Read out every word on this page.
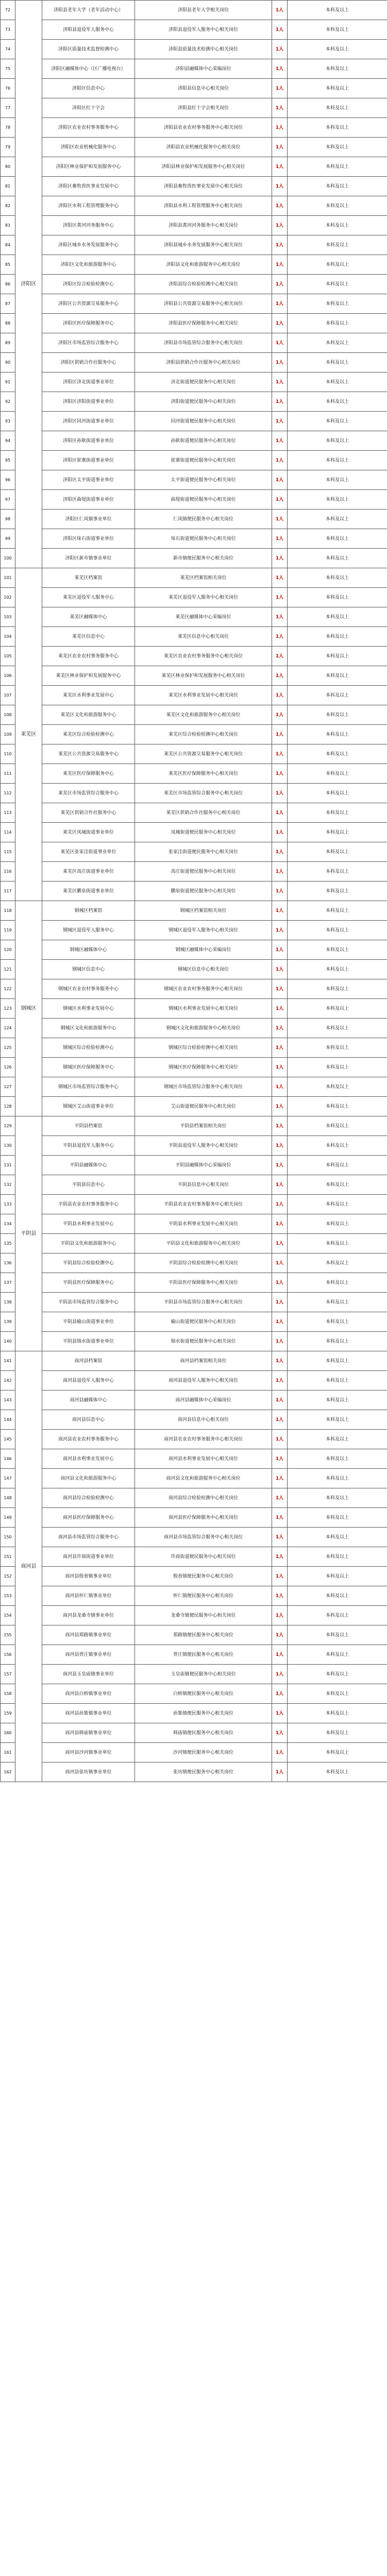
72	济阳区	济阳县老年大学（老年活动中心）	济阳县老年大学相关岗位	1人	本科及以上
73		济阳县退役军人服务中心	济阳县退役军人服务中心相关岗位	1人	本科及以上
74		济阳区质量技术监督检测中心	济阳县质量技术检测中心相关岗位	1人	本科及以上
75		济阳区融媒体中心（区广播电视台）	济阳县融媒体中心采编岗位	1人	本科及以上
76		济阳区信息中心	济阳县信息中心相关岗位	1人	本科及以上
77		济阳区红十字会	济阳县红十字会相关岗位	1人	本科及以上
78		济阳区农业农村事务服务中心	济阳县农业农村事务服务中心相关岗位	1人	本科及以上
79		济阳区农业机械化服务中心	济阳县农业机械化服务中心相关岗位	1人	本科及以上
80		济阳区林业保护和发展服务中心	济阳县林业保护和发展服务中心相关岗位	1人	本科及以上
81		济阳区畜牧兽医事业发展中心	济阳县畜牧兽医事业发展中心相关岗位	1人	本科及以上
82		济阳区水利工程管理服务中心	济阳县水利工程管理服务中心相关岗位	1人	本科及以上
83		济阳区黄河河务服务中心	济阳县黄河河务服务中心相关岗位	1人	本科及以上
84		济阳区城乡水务发展服务中心	济阳县城乡水务发展服务中心相关岗位	1人	本科及以上
85		济阳区文化和旅游服务中心	济阳县文化和旅游服务中心相关岗位	1人	本科及以上
86		济阳区综合检验检测中心	济阳县综合检验检测中心相关岗位	1人	本科及以上
87		济阳区公共资源交易服务中心	济阳县公共资源交易服务中心相关岗位	1人	本科及以上
88		济阳区医疗保障服务中心	济阳县医疗保障服务中心相关岗位	1人	本科及以上
89		济阳区市场监管综合服务中心	济阳县市场监管综合服务中心相关岗位	1人	本科及以上
90		济阳区供销合作社服务中心	济阳县供销合作社服务中心相关岗位	1人	本科及以上
91		济阳区济北街道事业单位	济北街道便民服务中心相关岗位	1人	本科及以上
92		济阳区济阳街道事业单位	济阳街道便民服务中心相关岗位	1人	本科及以上
93		济阳区回河街道事业单位	回河街道便民服务中心相关岗位	1人	本科及以上
94		济阳区孙耿街道事业单位	孙耿街道便民服务中心相关岗位	1人	本科及以上
95		济阳区崔寨街道事业单位	崔寨街道便民服务中心相关岗位	1人	本科及以上
96		济阳区太平街道事业单位	太平街道便民服务中心相关岗位	1人	本科及以上
97		济阳区曲堤街道事业单位	曲堤街道便民服务中心相关岗位	1人	本科及以上
98		济阳区仁风镇事业单位	仁风镇便民服务中心相关岗位	1人	本科及以上
99		济阳区垛石街道事业单位	垛石街道便民服务中心相关岗位	1人	本科及以上
100		济阳区新市镇事业单位	新市镇便民服务中心相关岗位	1人	本科及以上
101	莱芜区	莱芜区档案馆	莱芜区档案馆相关岗位	1人	本科及以上
102		莱芜区退役军人服务中心	莱芜区退役军人服务中心相关岗位	1人	本科及以上
103		莱芜区融媒体中心	莱芜区融媒体中心采编岗位	1人	本科及以上
104		莱芜区信息中心	莱芜区信息中心相关岗位	1人	本科及以上
105		莱芜区农业农村事务服务中心	莱芜区农业农村事务服务中心相关岗位	1人	本科及以上
106		莱芜区林业保护和发展服务中心	莱芜区林业保护和发展服务中心相关岗位	1人	本科及以上
107		莱芜区水利事业发展中心	莱芜区水利事业发展中心相关岗位	1人	本科及以上
108		莱芜区文化和旅游服务中心	莱芜区文化和旅游服务中心相关岗位	1人	本科及以上
109		莱芜区综合检验检测中心	莱芜区综合检验检测中心相关岗位	1人	本科及以上
110		莱芜区公共资源交易服务中心	莱芜区公共资源交易服务中心相关岗位	1人	本科及以上
111		莱芜区医疗保障服务中心	莱芜区医疗保障服务中心相关岗位	1人	本科及以上
112		莱芜区市场监管综合服务中心	莱芜区市场监管综合服务中心相关岗位	1人	本科及以上
113		莱芜区供销合作社服务中心	莱芜区供销合作社服务中心相关岗位	1人	本科及以上
114		莱芜区凤城街道事业单位	凤城街道便民服务中心相关岗位	1人	本科及以上
115		莱芜区张家洼街道事业单位	张家洼街道便民服务中心相关岗位	1人	本科及以上
116		莱芜区高庄街道事业单位	高庄街道便民服务中心相关岗位	1人	本科及以上
117		莱芜区鹏泉街道事业单位	鹏泉街道便民服务中心相关岗位	1人	本科及以上
118	钢城区	钢城区档案馆	钢城区档案馆相关岗位	1人	本科及以上
119		钢城区退役军人服务中心	钢城区退役军人服务中心相关岗位	1人	本科及以上
120		钢城区融媒体中心	钢城区融媒体中心采编岗位	1人	本科及以上
121		钢城区信息中心	钢城区信息中心相关岗位	1人	本科及以上
122		钢城区农业农村事务服务中心	钢城区农业农村事务服务中心相关岗位	1人	本科及以上
123		钢城区水利事业发展中心	钢城区水利事业发展中心相关岗位	1人	本科及以上
124		钢城区文化和旅游服务中心	钢城区文化和旅游服务中心相关岗位	1人	本科及以上
125		钢城区综合检验检测中心	钢城区综合检验检测中心相关岗位	1人	本科及以上
126		钢城区医疗保障服务中心	钢城区医疗保障服务中心相关岗位	1人	本科及以上
127		钢城区市场监管综合服务中心	钢城区市场监管综合服务中心相关岗位	1人	本科及以上
128		钢城区艾山街道事业单位	艾山街道便民服务中心相关岗位	1人	本科及以上
129	平阴县	平阴县档案馆	平阴县档案馆相关岗位	1人	本科及以上
130		平阴县退役军人服务中心	平阴县退役军人服务中心相关岗位	1人	本科及以上
131		平阴县融媒体中心	平阴县融媒体中心采编岗位	1人	本科及以上
132		平阴县信息中心	平阴县信息中心相关岗位	1人	本科及以上
133		平阴县农业农村事务服务中心	平阴县农业农村事务服务中心相关岗位	1人	本科及以上
134		平阴县水利事业发展中心	平阴县水利事业发展中心相关岗位	1人	本科及以上
135		平阴县文化和旅游服务中心	平阴县文化和旅游服务中心相关岗位	1人	本科及以上
136		平阴县综合检验检测中心	平阴县综合检验检测中心相关岗位	1人	本科及以上
137		平阴县医疗保障服务中心	平阴县医疗保障服务中心相关岗位	1人	本科及以上
138		平阴县市场监管综合服务中心	平阴县市场监管综合服务中心相关岗位	1人	本科及以上
139		平阴县榆山街道事业单位	榆山街道便民服务中心相关岗位	1人	本科及以上
140		平阴县锦水街道事业单位	锦水街道便民服务中心相关岗位	1人	本科及以上
141	商河县	商河县档案馆	商河县档案馆相关岗位	1人	本科及以上
142		商河县退役军人服务中心	商河县退役军人服务中心相关岗位	1人	本科及以上
143		商河县融媒体中心	商河县融媒体中心采编岗位	1人	本科及以上
144		商河县信息中心	商河县信息中心相关岗位	1人	本科及以上
145		商河县农业农村事务服务中心	商河县农业农村事务服务中心相关岗位	1人	本科及以上
146		商河县水利事业发展中心	商河县水利事业发展中心相关岗位	1人	本科及以上
147		商河县文化和旅游服务中心	商河县文化和旅游服务中心相关岗位	1人	本科及以上
148		商河县综合检验检测中心	商河县综合检验检测中心相关岗位	1人	本科及以上
149		商河县医疗保障服务中心	商河县医疗保障服务中心相关岗位	1人	本科及以上
150		商河县市场监管综合服务中心	商河县市场监管综合服务中心相关岗位	1人	本科及以上
151		商河县许商街道事业单位	许商街道便民服务中心相关岗位	1人	本科及以上
152		商河县殷巷镇事业单位	殷巷镇便民服务中心相关岗位	1人	本科及以上
153		商河县怀仁镇事业单位	怀仁镇便民服务中心相关岗位	1人	本科及以上
154		商河县龙桑寺镇事业单位	龙桑寺镇便民服务中心相关岗位	1人	本科及以上
155		商河县郑路镇事业单位	郑路镇便民服务中心相关岗位	1人	本科及以上
156		商河县贾庄镇事业单位	贾庄镇便民服务中心相关岗位	1人	本科及以上
157		商河县玉皇庙镇事业单位	玉皇庙镇便民服务中心相关岗位	1人	本科及以上
158		商河县白桥镇事业单位	白桥镇便民服务中心相关岗位	1人	本科及以上
159		商河县孙集镇事业单位	孙集镇便民服务中心相关岗位	1人	本科及以上
160		商河县韩庙镇事业单位	韩庙镇便民服务中心相关岗位	1人	本科及以上
161		商河县沙河镇事业单位	沙河镇便民服务中心相关岗位	1人	本科及以上
162		商河县张坊镇事业单位	张坊镇便民服务中心相关岗位	1人	本科及以上
